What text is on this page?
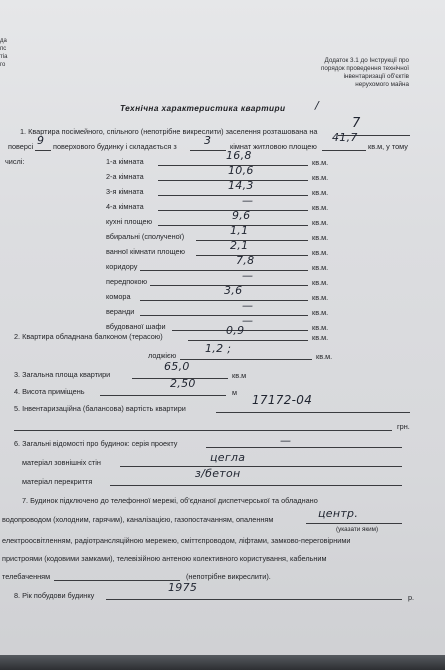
да
пс
тіа
го
Додаток 3.1 до Інструкції про
порядок проведення технічної
інвентаризації об'єктів
нерухомого майна
Технічна характеристика квартири	/
1. Квартира посімейного, спільного (непотрібне викреслити) заселення розташована на
7
поверсі 9 поверхового будинку і складається з 3	кімнат житловою площею
41,7
кв.м, у тому
числі:	1-а кімната	16,8
кв.м.
2-а кімната	10,6
кв.м.
3-я кімната	14,3
кв.м.
4-а кімната	—
кв.м.
кухні площею	9,6
кв.м.
вбиральні (сполученої)	1,1
кв.м.
ванної кімнати площею	2,1
кв.м.
коридору	7,8
кв.м.
передпокою	—
кв.м.
комора	3,6
кв.м.
веранди	—
кв.м.
вбудованої шафи	—
кв.м.
2. Квартира обладнана балконом (терасою)	0,9
кв.м.
лоджією
1,2 ;
кв.м.
3. Загальна площа квартири
65,0
кв.м
4. Висота приміщень
2,50
м
5. Інвентаризаційна (балансова) вартість квартири
17172-04
грн.
6. Загальні відомості про будинок: серія проекту	—
матеріал зовнішніх стін	цегла
матеріал перекриття
з/бетон
7. Будинок підключено до телефонної мережі, об'єднаної диспетчерської та обладнано
водопроводом (холодним, гарячим), каналізацією, газопостачанням, опаленням	центр.
(указати яким)
електроосвітленням, радіотрансляційною мережею, сміттєпроводом, ліфтами, замково-переговірними
пристроями (кодовими замками), телевізійною антеною колективного користування, кабельним
телебаченням	(непотрібне викреслити).
8. Рік побудови будинку
1975
р.
